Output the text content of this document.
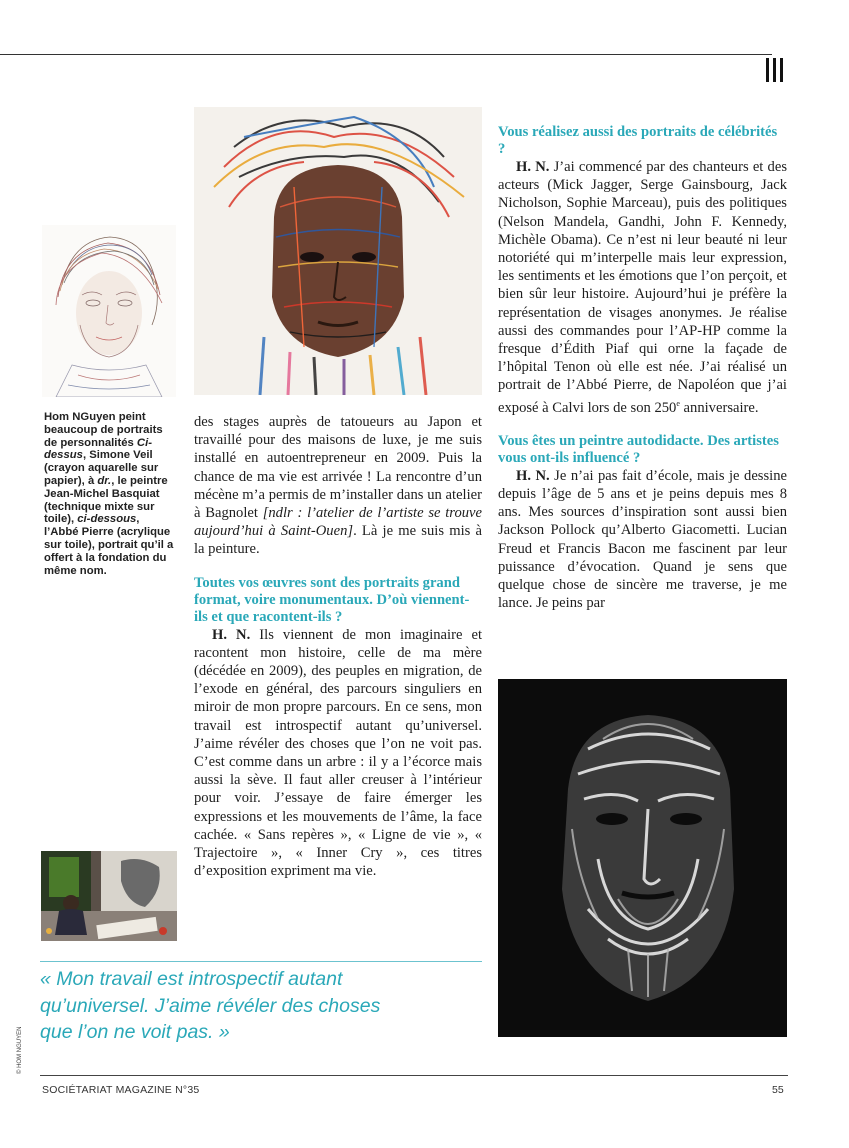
Hom NGuyen peint beaucoup de portraits de personnalités Ci-dessus, Simone Veil (crayon aquarelle sur papier), à dr., le peintre Jean-Michel Basquiat (technique mixte sur toile), ci-dessous, l’Abbé Pierre (acrylique sur toile), portrait qu’il a offert à la fondation du même nom.

des stages auprès de tatoueurs au Japon et travaillé pour des maisons de luxe, je me suis installé en autoentrepreneur en 2009. Puis la chance de ma vie est arrivée ! La rencontre d’un mécène m’a permis de m’installer dans un atelier à Bagnolet [ndlr : l’atelier de l’artiste se trouve aujourd’hui à Saint-Ouen]. Là je me suis mis à la peinture.

Toutes vos œuvres sont des portraits grand format, voire monumentaux. D’où viennent-ils et que racontent-ils ?

H. N. Ils viennent de mon imaginaire et racontent mon histoire, celle de ma mère (décédée en 2009), des peuples en migration, de l’exode en général, des parcours singuliers en miroir de mon propre parcours. En ce sens, mon travail est introspectif autant qu’universel. J’aime révéler des choses que l’on ne voit pas. C’est comme dans un arbre : il y a l’écorce mais aussi la sève. Il faut aller creuser à l’intérieur pour voir. J’essaye de faire émerger les expressions et les mouvements de l’âme, la face cachée. « Sans repères », « Ligne de vie », « Trajectoire », « Inner Cry », ces titres d’exposition expriment ma vie.

Vous réalisez aussi des portraits de célébrités ?

H. N. J’ai commencé par des chanteurs et des acteurs (Mick Jagger, Serge Gainsbourg, Jack Nicholson, Sophie Marceau), puis des politiques (Nelson Mandela, Gandhi, John F. Kennedy, Michèle Obama). Ce n’est ni leur beauté ni leur notoriété qui m’interpelle mais leur expression, les sentiments et les émotions que l’on perçoit, et bien sûr leur histoire. Aujourd’hui je préfère la représentation de visages anonymes. Je réalise aussi des commandes pour l’AP-HP comme la fresque d’Édith Piaf qui orne la façade de l’hôpital Tenon où elle est née. J’ai réalisé un portrait de l’Abbé Pierre, de Napoléon que j’ai exposé à Calvi lors de son 250e anniversaire.

Vous êtes un peintre autodidacte. Des artistes vous ont-ils influencé ?

H. N. Je n’ai pas fait d’école, mais je dessine depuis l’âge de 5 ans et je peins depuis mes 8 ans. Mes sources d’inspiration sont aussi bien Jackson Pollock qu’Alberto Giacometti. Lucian Freud et Francis Bacon me fascinent par leur puissance d’évocation. Quand je sens que quelque chose de sincère me traverse, je me lance. Je peins par

« Mon travail est introspectif autant
qu’universel. J’aime révéler des choses
que l’on ne voit pas. »
© HOM NGUYEN
SOCIÉTARIAT MAGAZINE N°35	55
